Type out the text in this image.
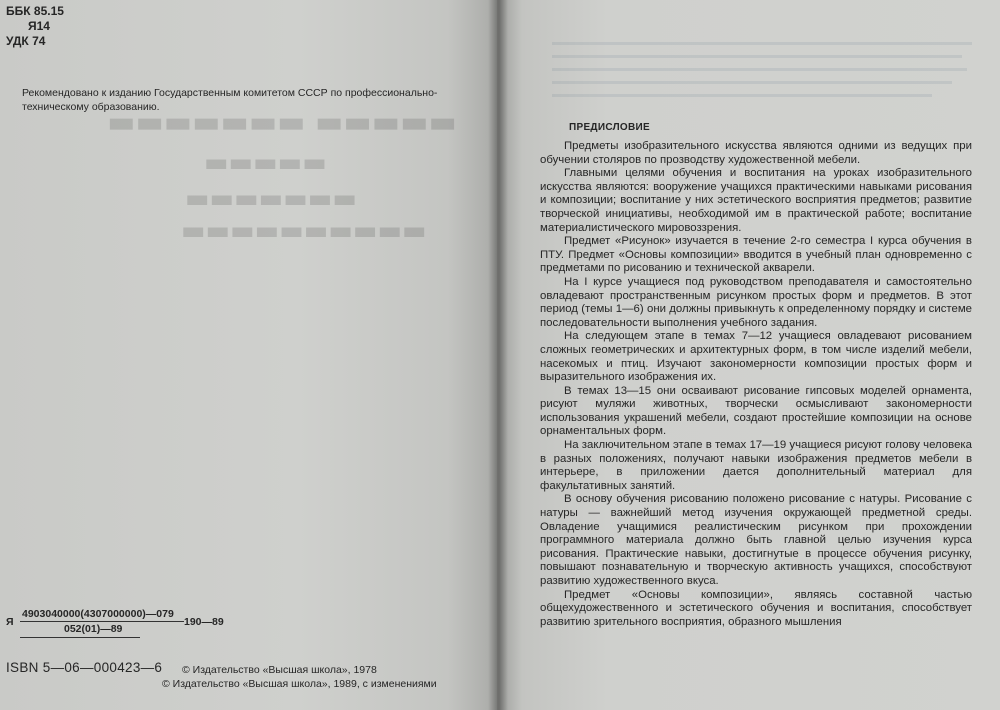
ББК 85.15
Я14
УДК 74
Рекомендовано к изданию Государственным комитетом СССР по профессионально-техническому образованию.
▬▬▬▬▬ ▬▬▬▬▬▬▬
▬▬▬▬▬
▬▬▬▬▬▬▬
▬▬▬▬▬▬▬▬▬▬
Я
4903040000(4307000000)—079
052(01)—89
190—89
ISBN 5—06—000423—6 © Издательство «Высшая школа», 1978
© Издательство «Высшая школа», 1989, с изменениями
ПРЕДИСЛОВИЕ

Предметы изобразительного искусства являются одними из ведущих при обучении столяров по прозводству художественной мебели.

Главными целями обучения и воспитания на уроках изобразительного искусства являются: вооружение учащихся практическими навыками рисования и композиции; воспитание у них эстетического восприятия предметов; развитие творческой инициативы, необходимой им в практической работе; воспитание материалистического мировоззрения.

Предмет «Рисунок» изучается в течение 2-го семестра I курса обучения в ПТУ. Предмет «Основы композиции» вводится в учебный план одновременно с предметами по рисованию и технической акварели.

На I курсе учащиеся под руководством преподавателя и самостоятельно овладевают пространственным рисунком простых форм и предметов. В этот период (темы 1—6) они должны привыкнуть к определенному порядку и системе последовательности выполнения учебного задания.

На следующем этапе в темах 7—12 учащиеся овладевают рисованием сложных геометрических и архитектурных форм, в том числе изделий мебели, насекомых и птиц. Изучают закономерности композиции простых форм и выразительного изображения их.

В темах 13—15 они осваивают рисование гипсовых моделей орнамента, рисуют муляжи животных, творчески осмысливают закономерности использования украшений мебели, создают простейшие композиции на основе орнаментальных форм.

На заключительном этапе в темах 17—19 учащиеся рисуют голову человека в разных положениях, получают навыки изображения предметов мебели в интерьере, в приложении дается дополнительный материал для факультативных занятий.

В основу обучения рисованию положено рисование с натуры. Рисование с натуры — важнейший метод изучения окружающей предметной среды. Овладение учащимися реалистическим рисунком при прохождении программного материала должно быть главной целью изучения курса рисования. Практические навыки, достигнутые в процессе обучения рисунку, повышают познавательную и творческую активность учащихся, способствуют развитию художественного вкуса.

Предмет «Основы композиции», являясь составной частью общехудожественного и эстетического обучения и воспитания, способствует развитию зрительного восприятия, образного мышления
